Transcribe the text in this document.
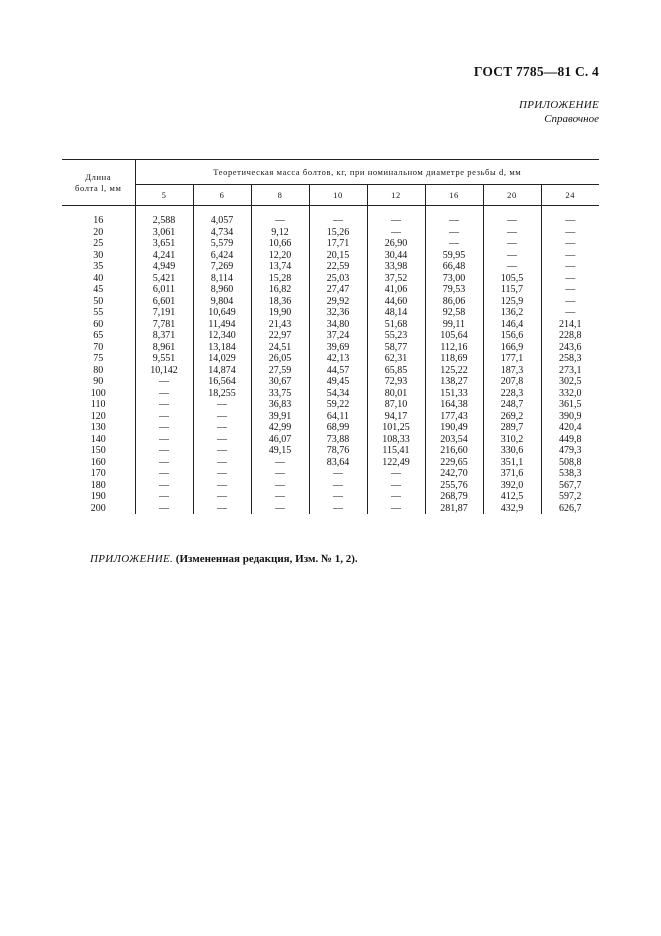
ГОСТ 7785—81 С. 4
ПРИЛОЖЕНИЕ
Справочное
Длина
болта l, мм	Теоретическая масса болтов, кг, при номинальном диаметре резьбы d, мм							
	5	6	8	10	12	16	20	24

16	2,588	4,057	—	—	—	—	—	—
20	3,061	4,734	9,12	15,26	—	—	—	—
25	3,651	5,579	10,66	17,71	26,90	—	—	—
30	4,241	6,424	12,20	20,15	30,44	59,95	—	—
35	4,949	7,269	13,74	22,59	33,98	66,48	—	—
40	5,421	8,114	15,28	25,03	37,52	73,00	105,5	—
45	6,011	8,960	16,82	27,47	41,06	79,53	115,7	—
50	6,601	9,804	18,36	29,92	44,60	86,06	125,9	—
55	7,191	10,649	19,90	32,36	48,14	92,58	136,2	—
60	7,781	11,494	21,43	34,80	51,68	99,11	146,4	214,1
65	8,371	12,340	22,97	37,24	55,23	105,64	156,6	228,8
70	8,961	13,184	24,51	39,69	58,77	112,16	166,9	243,6
75	9,551	14,029	26,05	42,13	62,31	118,69	177,1	258,3
80	10,142	14,874	27,59	44,57	65,85	125,22	187,3	273,1
90	—	16,564	30,67	49,45	72,93	138,27	207,8	302,5
100	—	18,255	33,75	54,34	80,01	151,33	228,3	332,0
110	—	—	36,83	59,22	87,10	164,38	248,7	361,5
120	—	—	39,91	64,11	94,17	177,43	269,2	390,9
130	—	—	42,99	68,99	101,25	190,49	289,7	420,4
140	—	—	46,07	73,88	108,33	203,54	310,2	449,8
150	—	—	49,15	78,76	115,41	216,60	330,6	479,3
160	—	—	—	83,64	122,49	229,65	351,1	508,8
170	—	—	—	—	—	242,70	371,6	538,3
180	—	—	—	—	—	255,76	392,0	567,7
190	—	—	—	—	—	268,79	412,5	597,2
200	—	—	—	—	—	281,87	432,9	626,7
ПРИЛОЖЕНИЕ. (Измененная редакция, Изм. № 1, 2).
